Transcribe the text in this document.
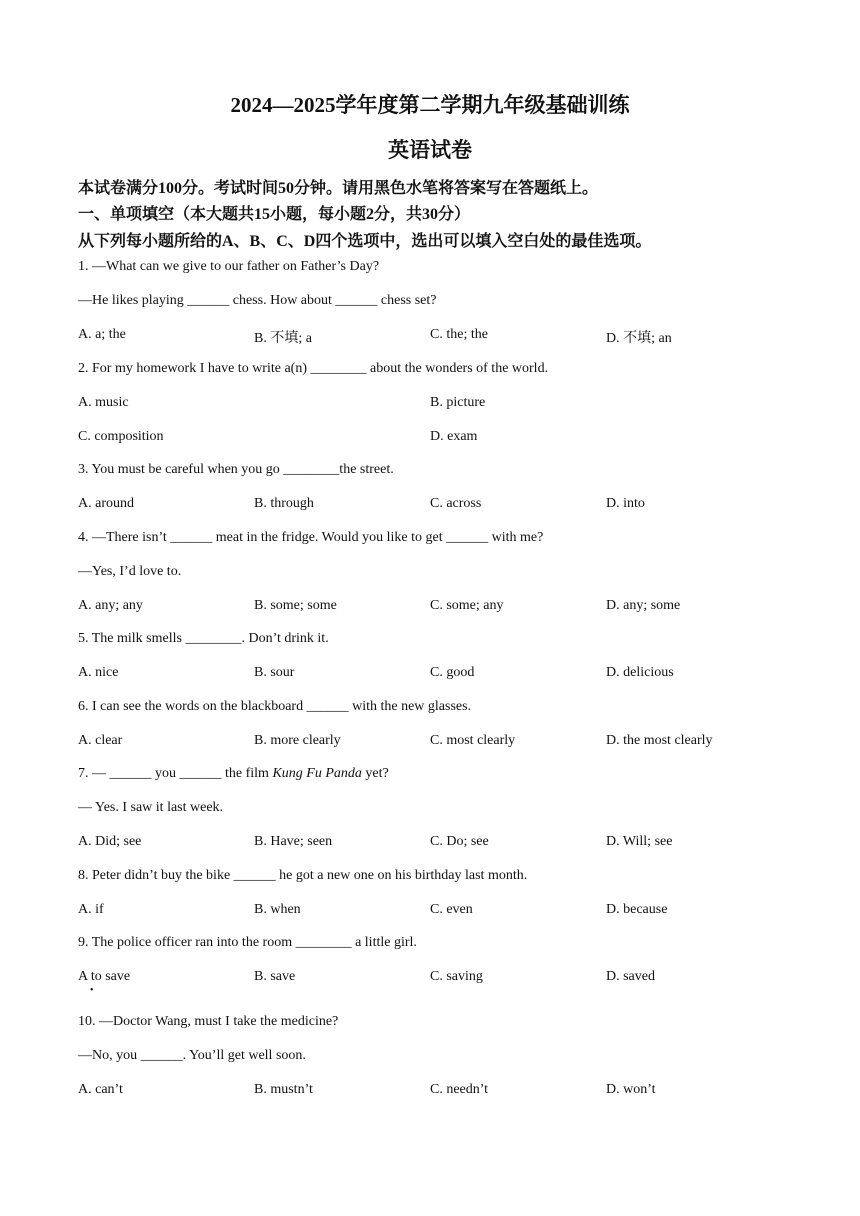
2024—2025学年度第二学期九年级基础训练
英语试卷
本试卷满分100分。考试时间50分钟。请用黑色水笔将答案写在答题纸上。
一、单项填空（本大题共15小题，每小题2分，共30分）
从下列每小题所给的A、B、C、D四个选项中，选出可以填入空白处的最佳选项。
1. —What can we give to our father on Father’s Day?
—He likes playing ______ chess. How about ______ chess set?
A. a; the	B. 不填; a	C. the; the	D. 不填; an
2. For my homework I have to write a(n) ________ about the wonders of the world.
A. music	B. picture
C. composition	D. exam
3. You must be careful when you go ________the street.
A. around	B. through	C. across	D. into
4. —There isn’t ______ meat in the fridge. Would you like to get ______ with me?
—Yes, I’d love to.
A. any; any	B. some; some	C. some; any	D. any; some
5. The milk smells ________. Don’t drink it.
A. nice	B. sour	C. good	D. delicious
6. I can see the words on the blackboard ______ with the new glasses.
A. clear	B. more clearly	C. most clearly	D. the most clearly
7. — ______ you ______ the film Kung Fu Panda yet?
— Yes. I saw it last week.
A. Did; see	B. Have; seen	C. Do; see	D. Will; see
8. Peter didn’t buy the bike ______ he got a new one on his birthday last month.
A. if	B. when	C. even	D. because
9. The police officer ran into the room ________ a little girl.
A to save
•
B. save	C. saving	D. saved
10. —Doctor Wang, must I take the medicine?
—No, you ______. You’ll get well soon.
A. can’t	B. mustn’t	C. needn’t	D. won’t
